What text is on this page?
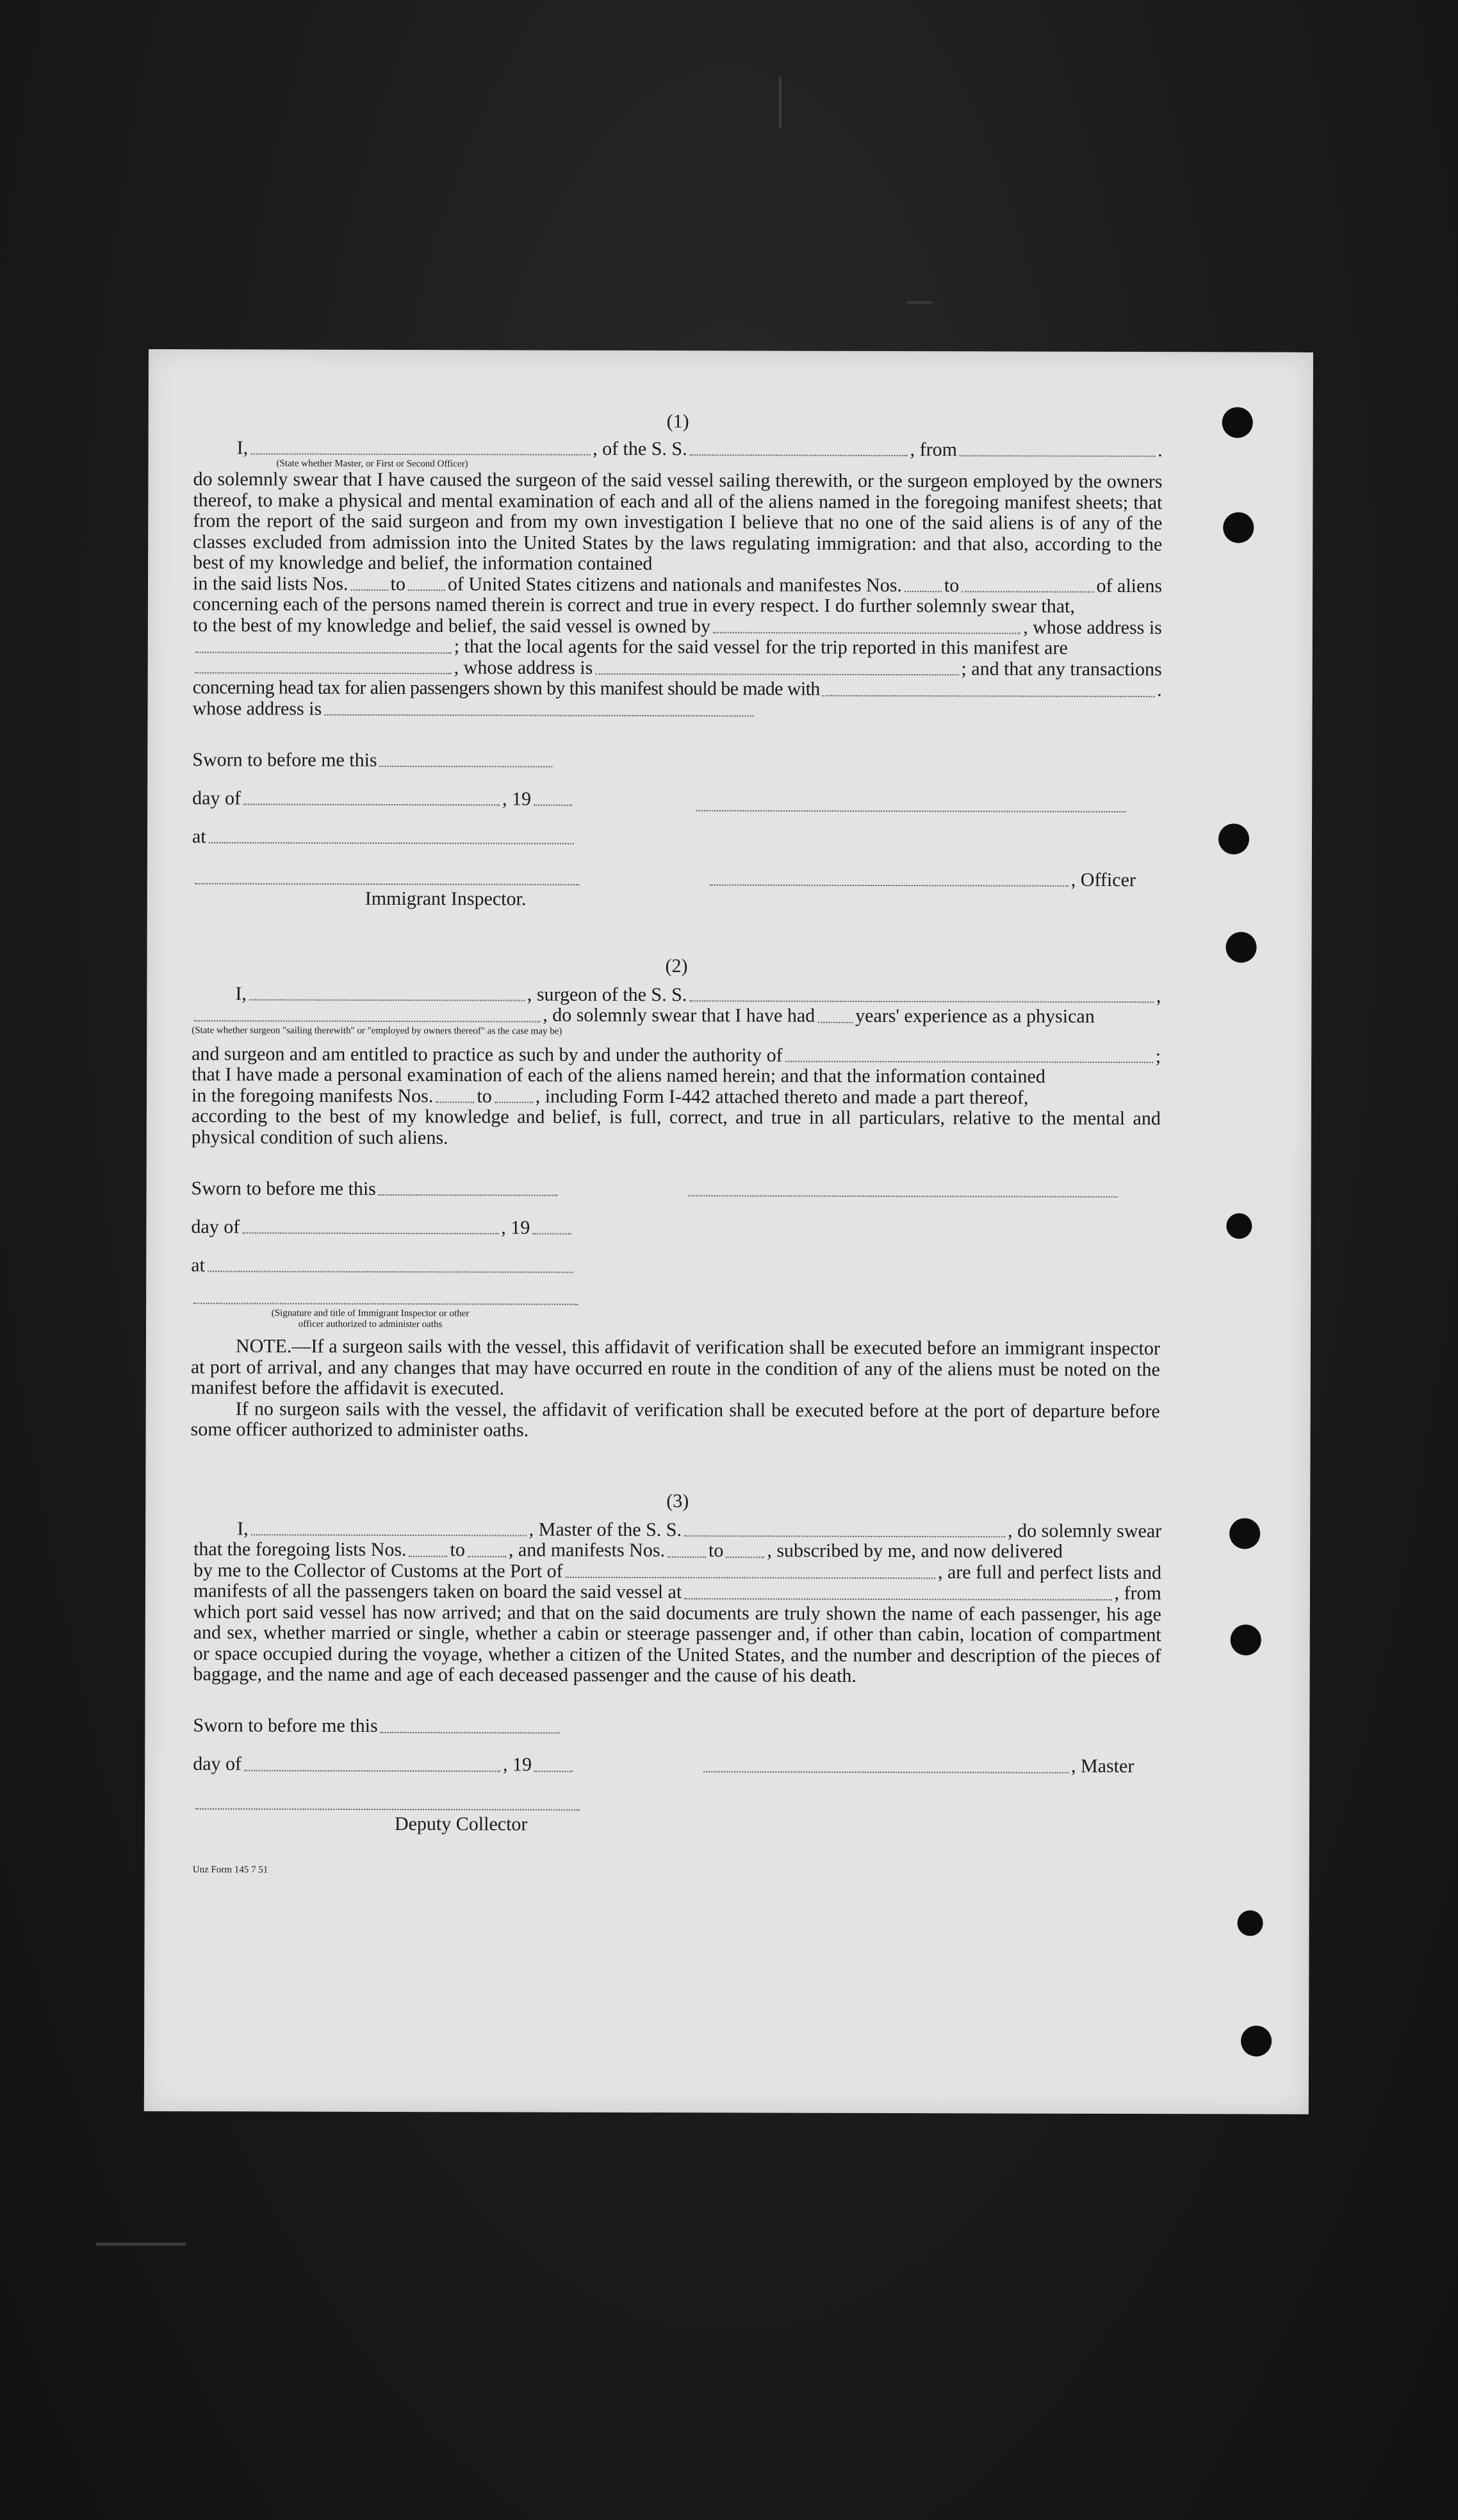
(1)

I,	, of the S. S.	, from	.
(State whether Master, or First or Second Officer)

do solemnly swear that I have caused the surgeon of the said vessel sailing therewith, or the surgeon employed by the owners thereof, to make a physical and mental examination of each and all of the aliens named in the foregoing manifest sheets; that from the report of the said surgeon and from my own investigation I believe that no one of the said aliens is of any of the classes excluded from admission into the United States by the laws regulating immigration: and that also, according to the best of my knowledge and belief, the information contained

in the said lists Nos. to of United States citizens and nationals and manifestes Nos. to	of aliens

concerning each of the persons named therein is correct and true in every respect. I do further solemnly swear that,

to the best of my knowledge and belief, the said vessel is owned by	, whose address is
; that the local agents for the said vessel for the trip reported in this manifest are
, whose address is	; and that any transactions
concerning head tax for alien passengers shown by this manifest should be made with	.
whose address is
Sworn to before me this
day of	, 19
at
, Officer
Immigrant Inspector.

(2)

I,	, surgeon of the S. S.	,
, do solemnly swear that I have had years' experience as a physican
(State whether surgeon "sailing therewith" or "employed by owners thereof" as the case may be)
and surgeon and am entitled to practice as such by and under the authority of	;

that I have made a personal examination of each of the aliens named herein; and that the information contained

in the foregoing manifests Nos. to , including Form I-442 attached thereto and made a part thereof,

according to the best of my knowledge and belief, is full, correct, and true in all particulars, relative to the mental and physical condition of such aliens.

Sworn to before me this
day of	, 19
at
(Signature and title of Immigrant Inspector or other
officer authorized to administer oaths

NOTE.—If a surgeon sails with the vessel, this affidavit of verification shall be executed before an immigrant inspector at port of arrival, and any changes that may have occurred en route in the condition of any of the aliens must be noted on the manifest before the affidavit is executed.

If no surgeon sails with the vessel, the affidavit of verification shall be executed before at the port of departure before some officer authorized to administer oaths.

(3)

I,	, Master of the S. S.	, do solemnly swear
that the foregoing lists Nos. to , and manifests Nos. to , subscribed by me, and now delivered
by me to the Collector of Customs at the Port of	, are full and perfect lists and
manifests of all the passengers taken on board the said vessel at	, from

which port said vessel has now arrived; and that on the said documents are truly shown the name of each passenger, his age and sex, whether married or single, whether a cabin or steerage passenger and, if other than cabin, location of compartment or space occupied during the voyage, whether a citizen of the United States, and the number and description of the pieces of baggage, and the name and age of each deceased passenger and the cause of his death.

Sworn to before me this
day of	, 19	, Master
Deputy Collector
Unz Form 145 7 51
